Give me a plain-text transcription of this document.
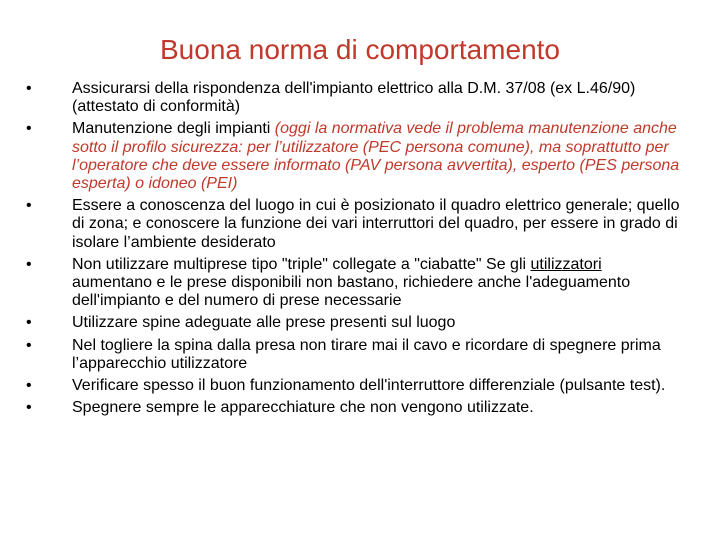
Buona norma di comportamento
•	Assicurarsi della rispondenza dell'impianto elettrico alla D.M. 37/08 (ex L.46/90) (attestato di conformità)
•	Manutenzione degli impianti (oggi la normativa vede il problema manutenzione anche sotto il profilo sicurezza: per l’utilizzatore (PEC persona comune), ma soprattutto per l’operatore che deve essere informato (PAV persona avvertita), esperto (PES persona esperta) o idoneo (PEI)
•	Essere a conoscenza del luogo in cui è posizionato il quadro elettrico generale; quello di zona; e conoscere la funzione dei vari interruttori del quadro, per essere in grado di isolare l’ambiente desiderato
•	Non utilizzare multiprese tipo "triple" collegate a "ciabatte" Se gli utilizzatori aumentano e le prese disponibili non bastano, richiedere anche l'adeguamento dell'impianto e del numero di prese necessarie
•	Utilizzare spine adeguate alle prese presenti sul luogo
•	Nel togliere la spina dalla presa non tirare mai il cavo e ricordare di spegnere prima l’apparecchio utilizzatore
•	Verificare spesso il buon funzionamento dell'interruttore differenziale (pulsante test).
•	Spegnere sempre le apparecchiature che non vengono utilizzate.
